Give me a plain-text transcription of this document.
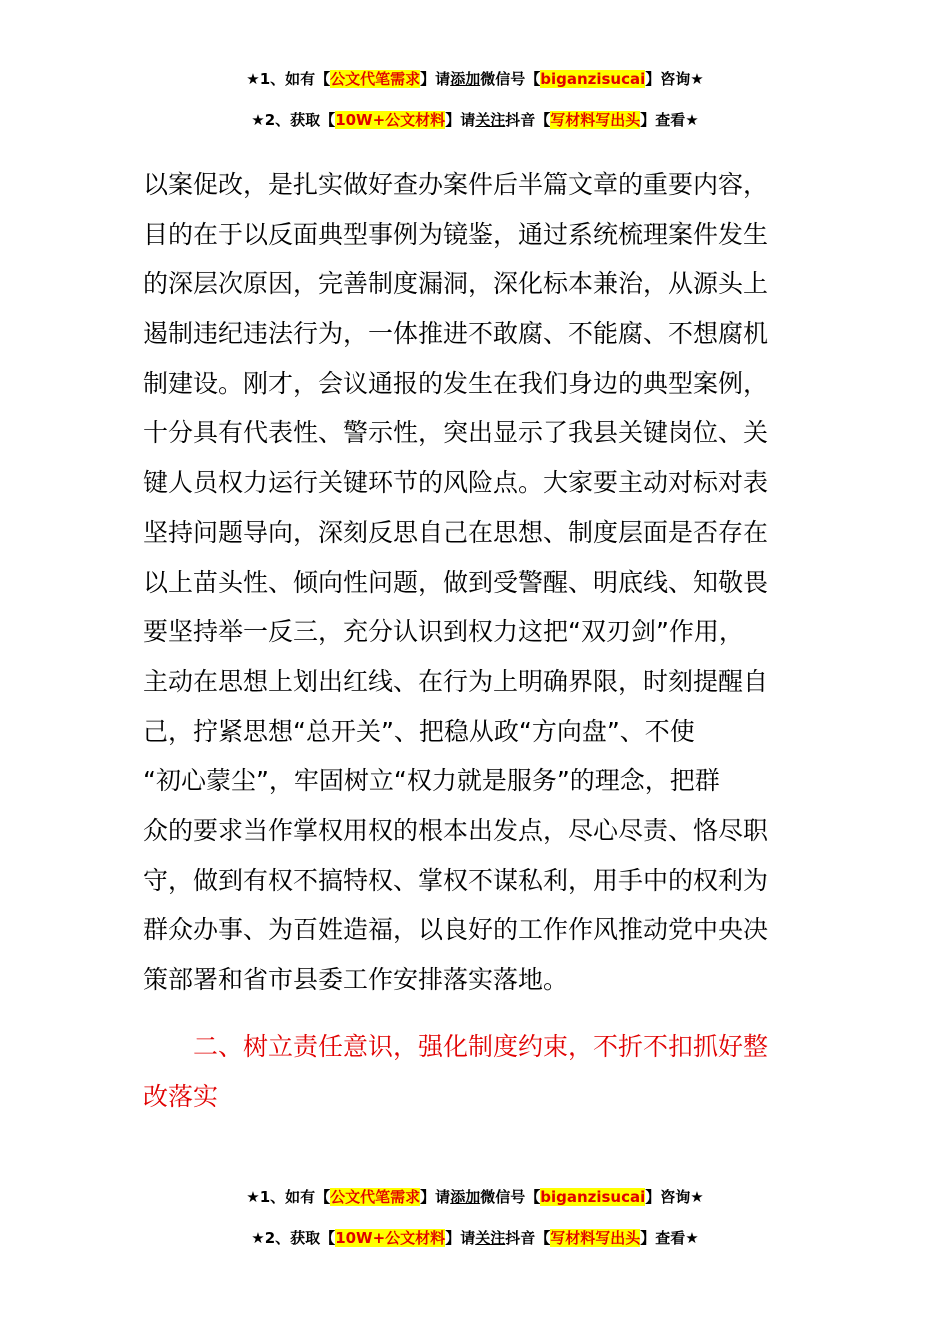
★1、如有【公文代笔需求】请添加微信号【biganzisucai】咨询★
★2、获取【10W+公文材料】请关注抖音【写材料写出头】查看★
以案促改，是扎实做好查办案件后半篇文章的重要内容，
目的在于以反面典型事例为镜鉴，通过系统梳理案件发生
的深层次原因，完善制度漏洞，深化标本兼治，从源头上
遏制违纪违法行为，一体推进不敢腐、不能腐、不想腐机
制建设。刚才，会议通报的发生在我们身边的典型案例，
十分具有代表性、警示性，突出显示了我县关键岗位、关
键人员权力运行关键环节的风险点。大家要主动对标对表
坚持问题导向，深刻反思自己在思想、制度层面是否存在
以上苗头性、倾向性问题，做到受警醒、明底线、知敬畏
要坚持举一反三，充分认识到权力这把“双刃剑”作用，
主动在思想上划出红线、在行为上明确界限，时刻提醒自
己，拧紧思想“总开关”、把稳从政“方向盘”、不使
“初心蒙尘”，牢固树立“权力就是服务”的理念，把群
众的要求当作掌权用权的根本出发点，尽心尽责、恪尽职
守，做到有权不搞特权、掌权不谋私利，用手中的权利为
群众办事、为百姓造福，以良好的工作作风推动党中央决
策部署和省市县委工作安排落实落地。
二、树立责任意识，强化制度约束，不折不扣抓好整
改落实
★1、如有【公文代笔需求】请添加微信号【biganzisucai】咨询★
★2、获取【10W+公文材料】请关注抖音【写材料写出头】查看★
